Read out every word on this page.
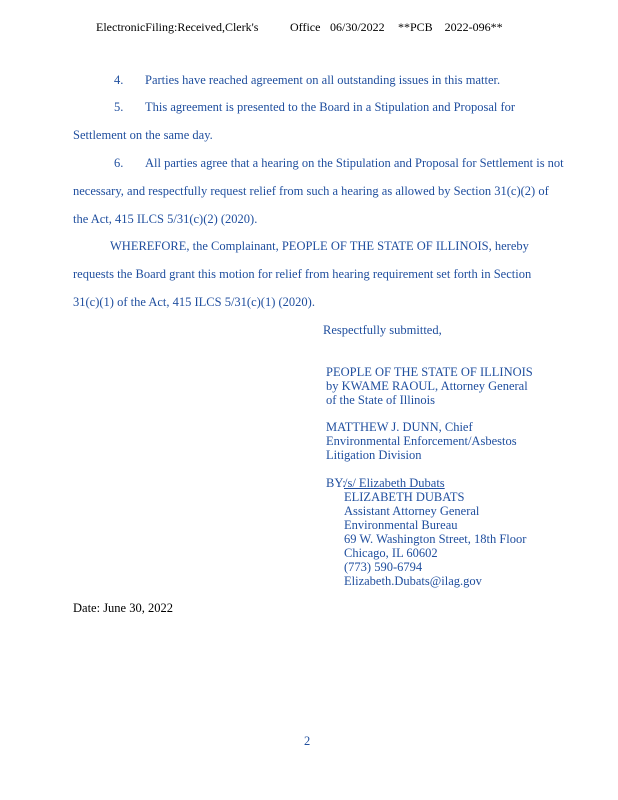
ElectronicFiling:Received,Clerk's	Office 06/30/2022 **PCB    2022-096**
4. Parties have reached agreement on all outstanding issues in this matter.
5. This agreement is presented to the Board in a Stipulation and Proposal for
Settlement on the same day.
6. All parties agree that a hearing on the Stipulation and Proposal for Settlement is not
necessary, and respectfully request relief from such a hearing as allowed by Section 31(c)(2) of
the Act, 415 ILCS 5/31(c)(2) (2020).
WHEREFORE, the Complainant, PEOPLE OF THE STATE OF ILLINOIS, hereby
requests the Board grant this motion for relief from hearing requirement set forth in Section
31(c)(1) of the Act, 415 ILCS 5/31(c)(1) (2020).
Respectfully submitted,
PEOPLE OF THE STATE OF ILLINOIS
by KWAME RAOUL, Attorney General
of the State of Illinois
MATTHEW J. DUNN, Chief
Environmental Enforcement/Asbestos
Litigation Division
BY:
/s/ Elizabeth Dubats
ELIZABETH DUBATS
Assistant Attorney General
Environmental Bureau
69 W. Washington Street, 18th Floor
Chicago, IL 60602
(773) 590-6794
Elizabeth.Dubats@ilag.gov
Date: June 30, 2022
2
